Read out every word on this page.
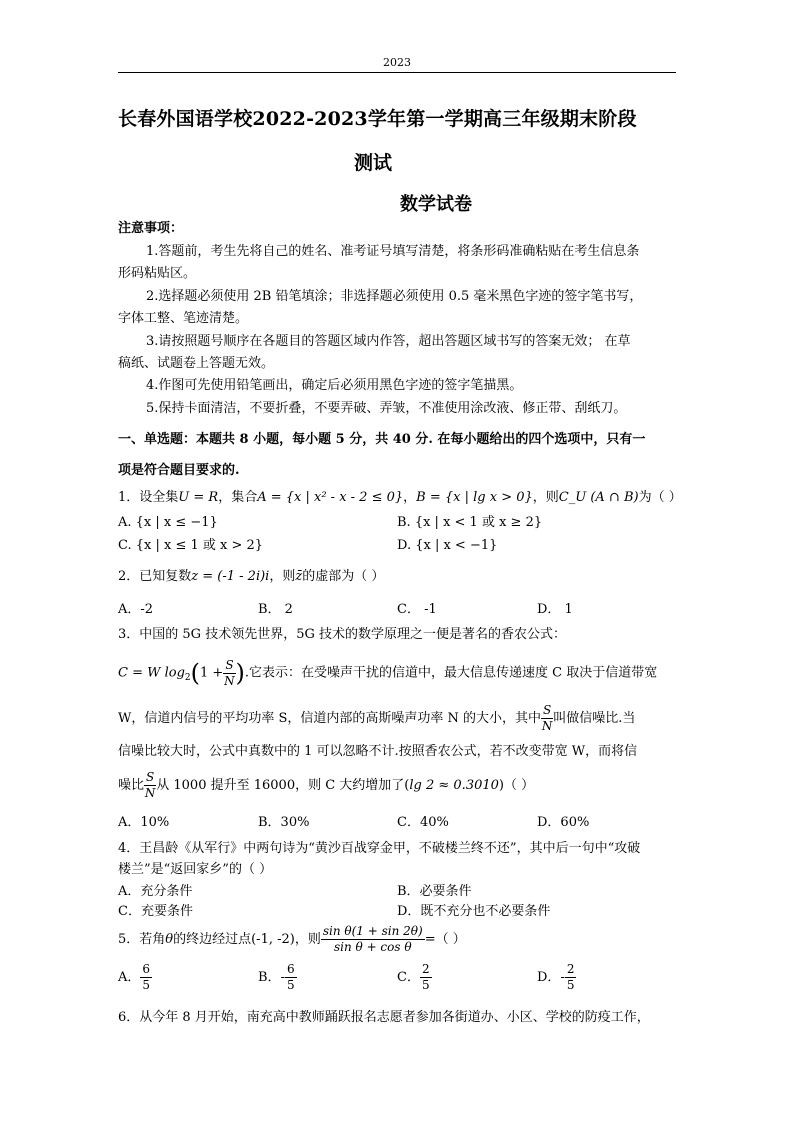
2023
长春外国语学校2022-2023学年第一学期高三年级期末阶段
测试
数学试卷
注意事项：
1.答题前，考生先将自己的姓名、准考证号填写清楚，将条形码准确粘贴在考生信息条
形码粘贴区。
2.选择题必须使用 2B 铅笔填涂；非选择题必须使用 0.5 毫米黑色字迹的签字笔书写，
字体工整、笔迹清楚。
3.请按照题号顺序在各题目的答题区域内作答，超出答题区域书写的答案无效； 在草
稿纸、试题卷上答题无效。
4.作图可先使用铅笔画出，确定后必须用黑色字迹的签字笔描黑。
5.保持卡面清洁，不要折叠，不要弄破、弄皱，不准使用涂改液、修正带、刮纸刀。
一、单选题：本题共 8 小题，每小题 5 分，共 40 分. 在每小题给出的四个选项中，只有一
项是符合题目要求的.
1．设全集U = R，集合A = {x | x² - x - 2 ≤ 0}，B = {x | lg x > 0}，则C_U (A ∩ B)为（ ）
A. {x | x ≤ −1}	B. {x | x < 1 或 x ≥ 2}
C. {x | x ≤ 1 或 x > 2}	D. {x | x < −1}
2．已知复数z = (-1 - 2i)i，则z̄的虚部为（ ）
A．-2	B． 2	C． -1	D． 1
3．中国的 5G 技术领先世界，5G 技术的数学原理之一便是著名的香农公式：
C = W $\log_2(1 + \frac{S}{N}$ ).它表示：在受噪声干扰的信道中，最大信息传递速度 C 取决于信道带宽
W，信道内信号的平均功率 S，信道内部的高斯噪声功率 N 的大小，其中 $\frac{S}{N}$ 叫做信噪比.当
信噪比较大时，公式中真数中的 1 可以忽略不计.按照香农公式，若不改变带宽 W，而将信
噪比 $\frac{S}{N}$ 从 1000 提升至 16000，则 C 大约增加了(lg 2 ≈ 0.3010)（ ）
A．10%	B．30%	C．40%	D．60%
4．王昌龄《从军行》中两句诗为“黄沙百战穿金甲，不破楼兰终不还”，其中后一句中“攻破
楼兰”是“返回家乡”的（ ）
A．充分条件	B．必要条件
C．充要条件	D．既不充分也不必要条件
5．若角θ的终边经过点(-1, -2)，则 $\frac{\text{sin θ(1 + sin 2θ)}}{\text{sin θ + cos θ}}$ =（ ）
A． $\frac{6}{5}$	B．- $\frac{6}{5}$	C． $\frac{2}{5}$	D．- $\frac{2}{5}$
6．从今年 8 月开始，南充高中教师踊跃报名志愿者参加各街道办、小区、学校的防疫工作，
